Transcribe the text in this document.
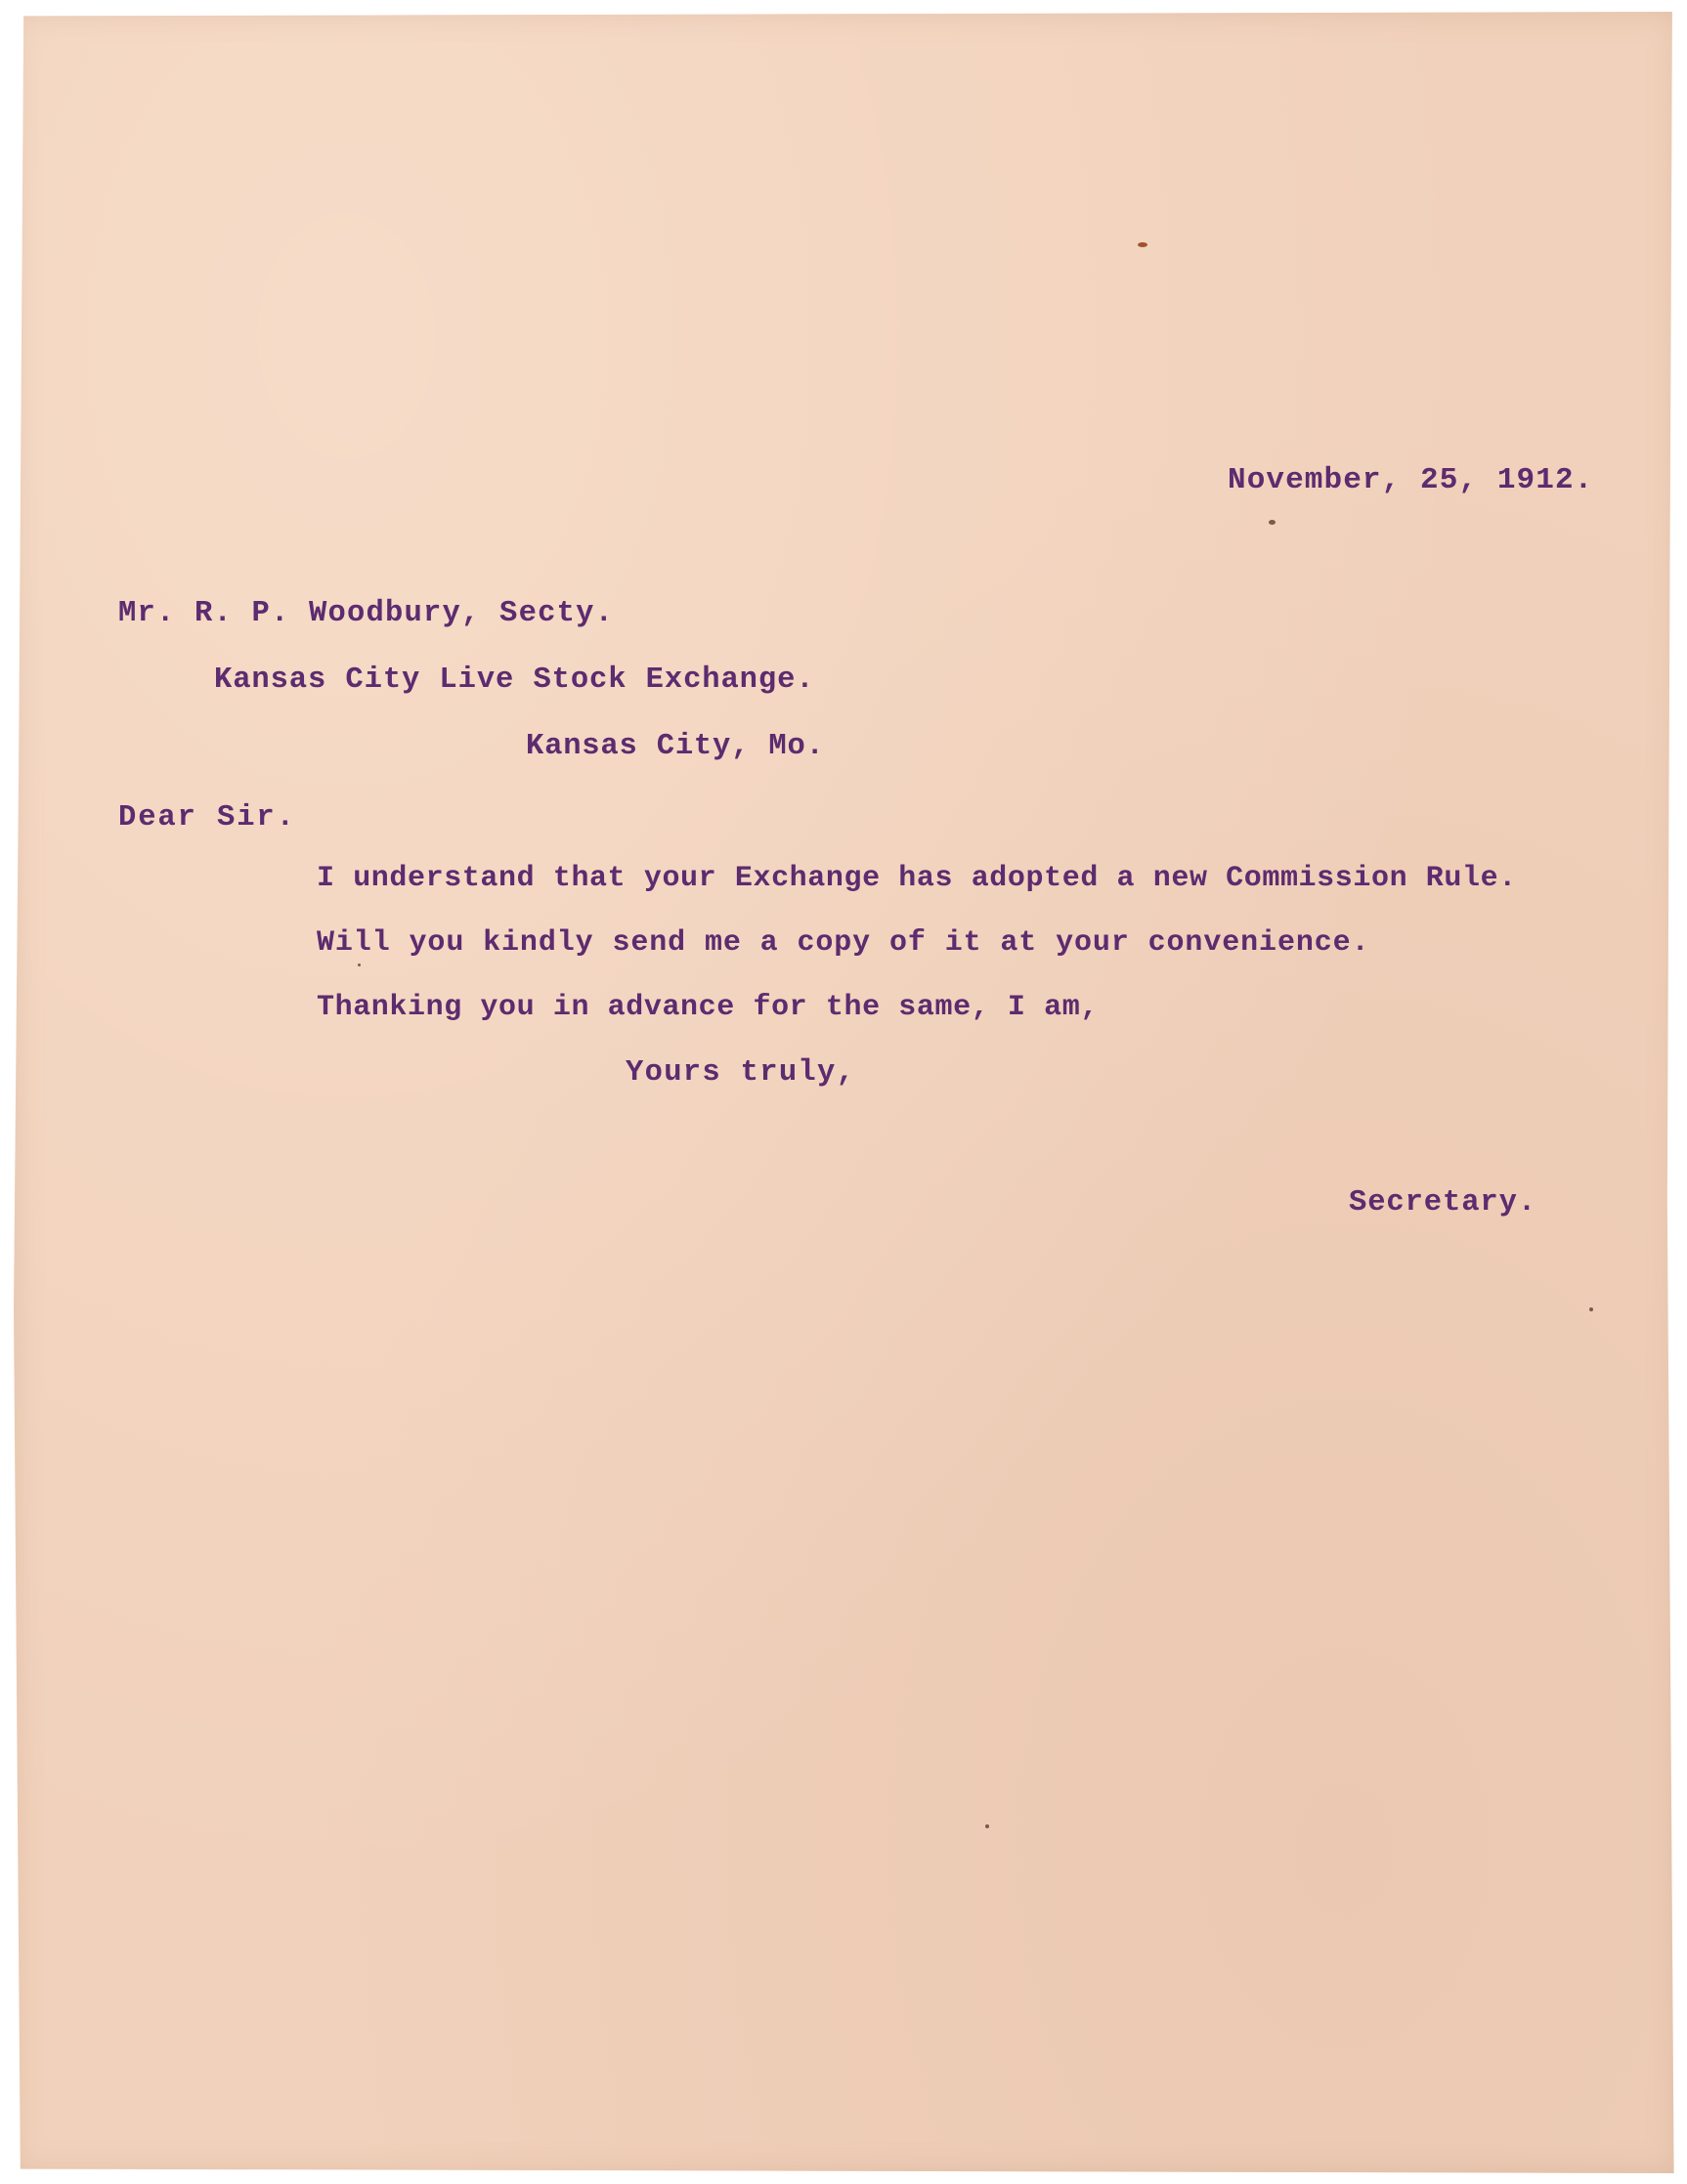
November, 25, 1912.
Mr. R. P. Woodbury, Secty.
Kansas City Live Stock Exchange.
Kansas City, Mo.
Dear Sir.
I understand that your Exchange has adopted a new Commission Rule.
Will you kindly send me a copy of it at your convenience.
Thanking you in advance for the same, I am,
Yours truly,
Secretary.
